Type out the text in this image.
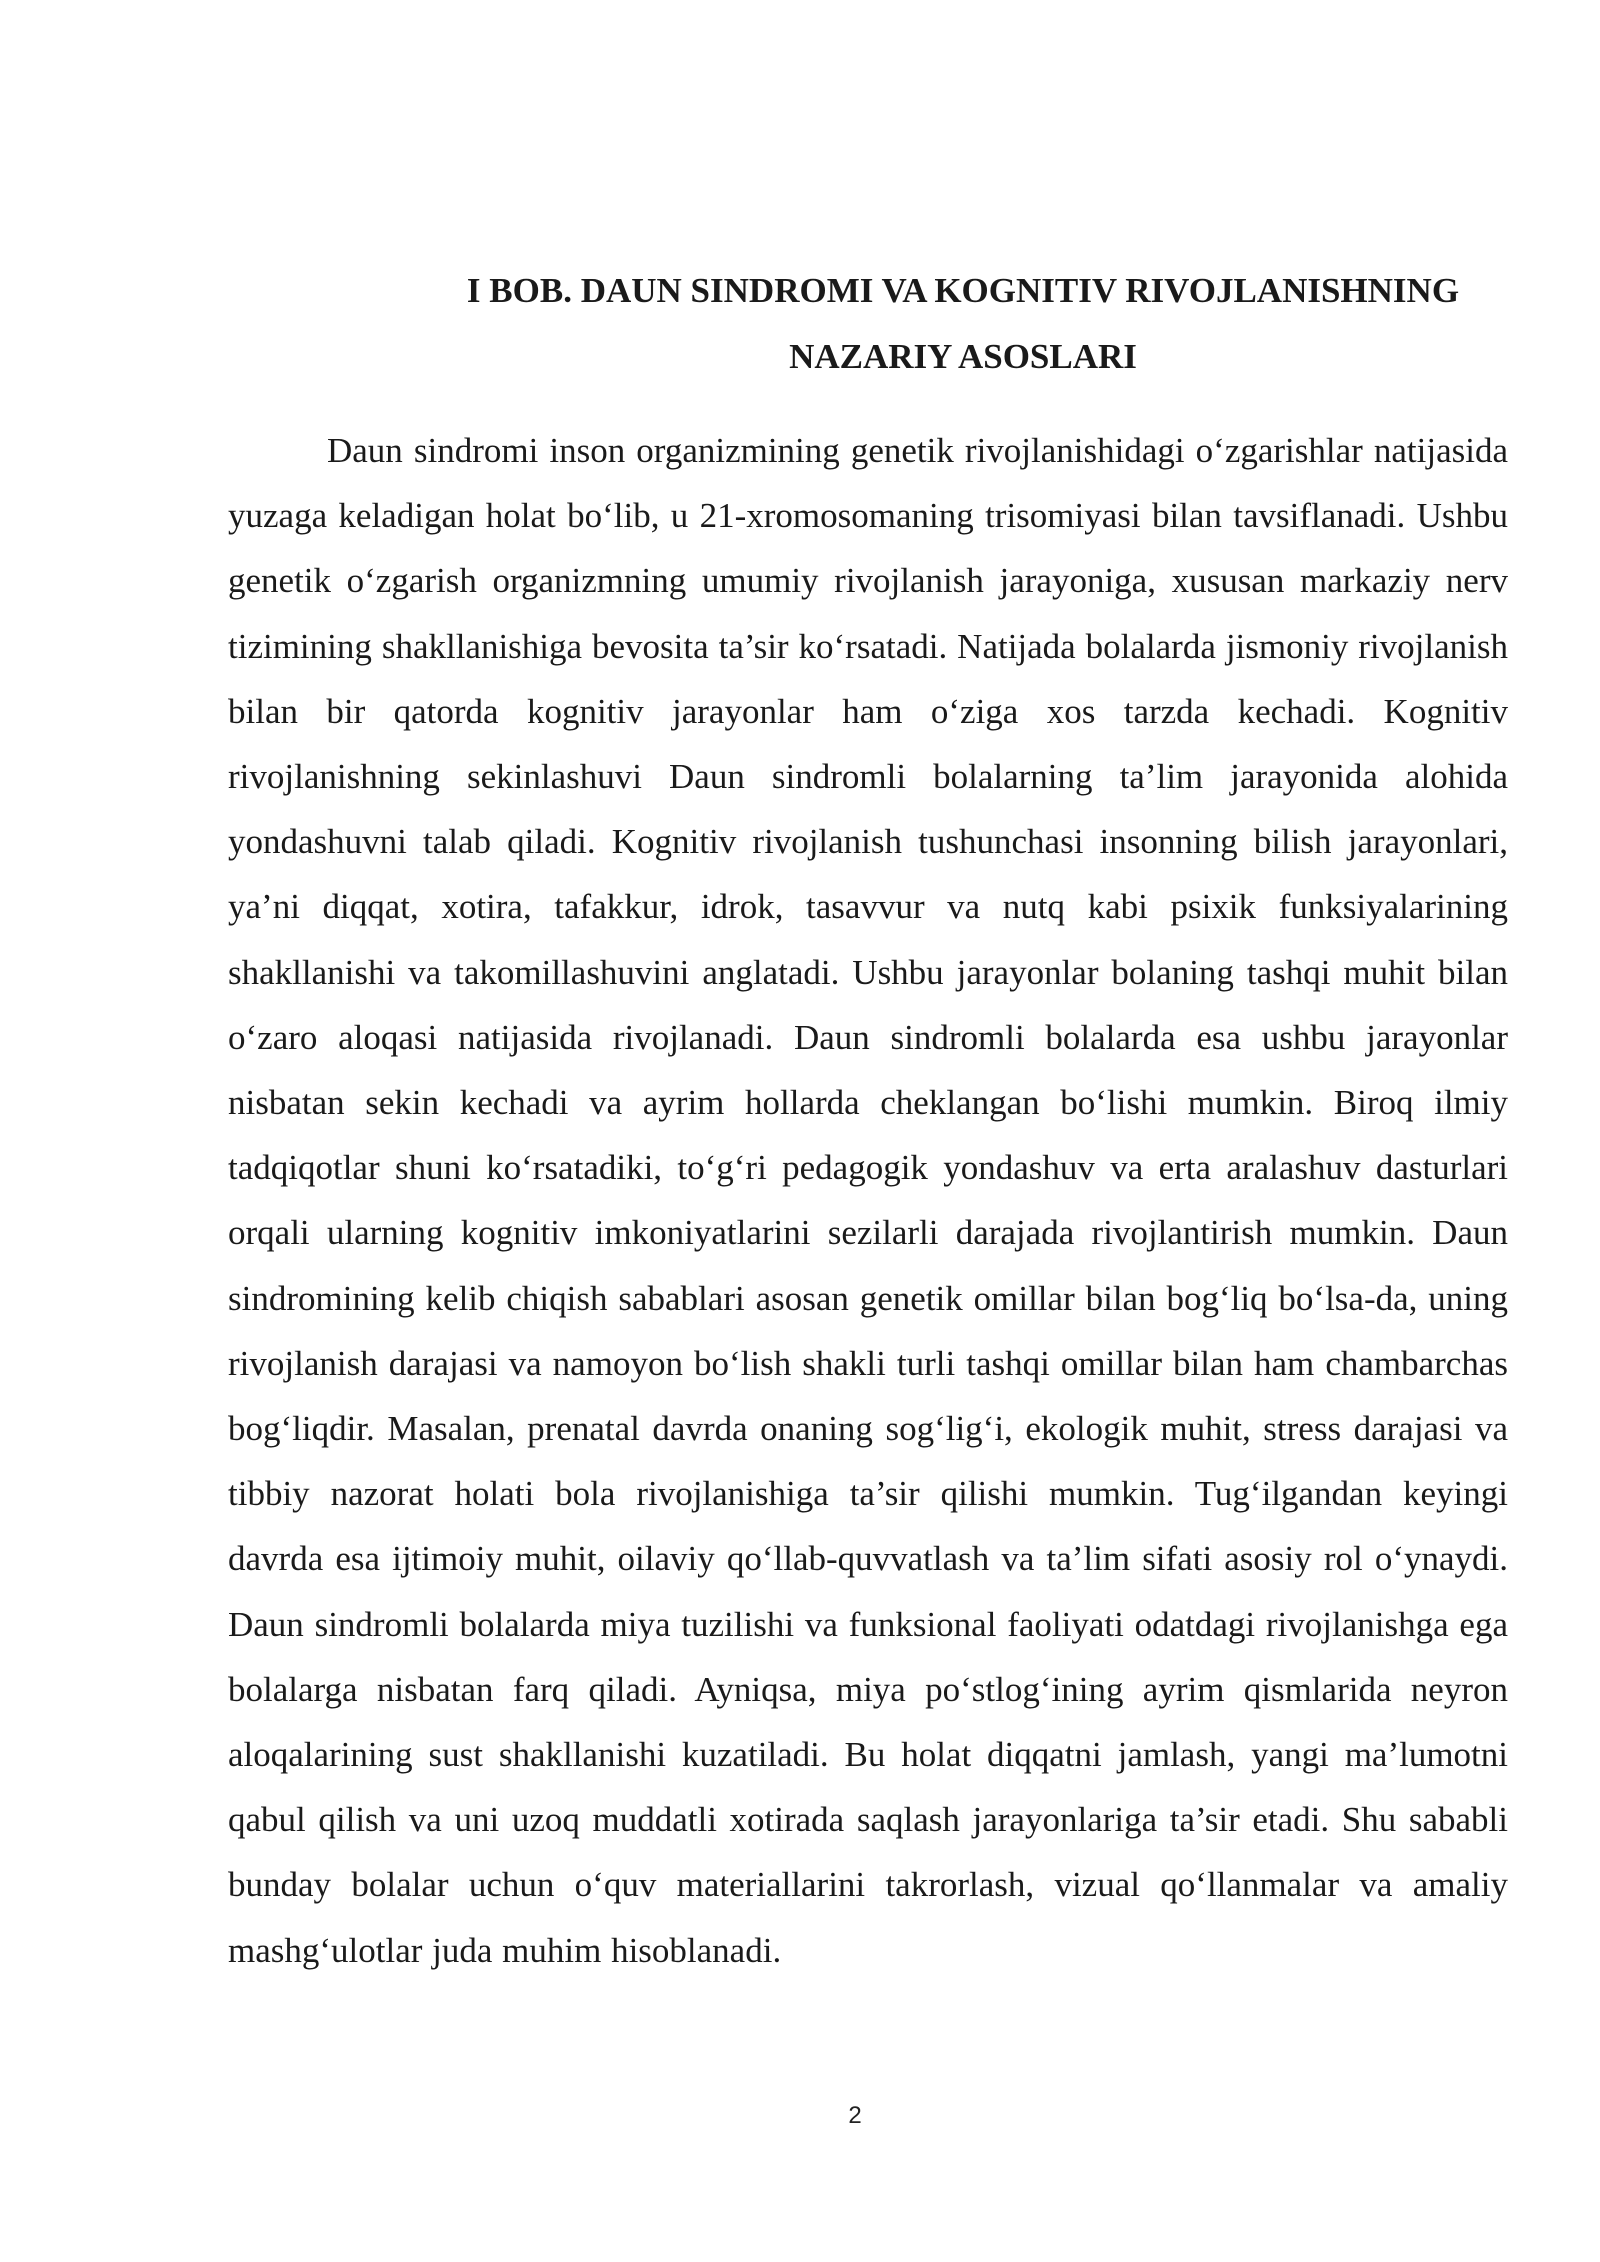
I BOB. DAUN SINDROMI VA KOGNITIV RIVOJLANISHNING
NAZARIY ASOSLARI

Daun sindromi inson organizmining genetik rivojlanishidagi o‘zgarishlar natijasida yuzaga keladigan holat bo‘lib, u 21-xromosomaning trisomiyasi bilan tavsiflanadi. Ushbu genetik o‘zgarish organizmning umumiy rivojlanish jarayoniga, xususan markaziy nerv tizimining shakllanishiga bevosita ta’sir ko‘rsatadi. Natijada bolalarda jismoniy rivojlanish bilan bir qatorda kognitiv jarayonlar ham o‘ziga xos tarzda kechadi. Kognitiv rivojlanishning sekinlashuvi Daun sindromli bolalarning ta’lim jarayonida alohida yondashuvni talab qiladi. Kognitiv rivojlanish tushunchasi insonning bilish jarayonlari, ya’ni diqqat, xotira, tafakkur, idrok, tasavvur va nutq kabi psixik funksiyalarining shakllanishi va takomillashuvini anglatadi. Ushbu jarayonlar bolaning tashqi muhit bilan o‘zaro aloqasi natijasida rivojlanadi. Daun sindromli bolalarda esa ushbu jarayonlar nisbatan sekin kechadi va ayrim hollarda cheklangan bo‘lishi mumkin. Biroq ilmiy tadqiqotlar shuni ko‘rsatadiki, to‘g‘ri pedagogik yondashuv va erta aralashuv dasturlari orqali ularning kognitiv imkoniyatlarini sezilarli darajada rivojlantirish mumkin. Daun sindromining kelib chiqish sabablari asosan genetik omillar bilan bog‘liq bo‘lsa-da, uning rivojlanish darajasi va namoyon bo‘lish shakli turli tashqi omillar bilan ham chambarchas bog‘liqdir. Masalan, prenatal davrda onaning sog‘lig‘i, ekologik muhit, stress darajasi va tibbiy nazorat holati bola rivojlanishiga ta’sir qilishi mumkin. Tug‘ilgandan keyingi davrda esa ijtimoiy muhit, oilaviy qo‘llab-quvvatlash va ta’lim sifati asosiy rol o‘ynaydi. Daun sindromli bolalarda miya tuzilishi va funksional faoliyati odatdagi rivojlanishga ega bolalarga nisbatan farq qiladi. Ayniqsa, miya po‘stlog‘ining ayrim qismlarida neyron aloqalarining sust shakllanishi kuzatiladi. Bu holat diqqatni jamlash, yangi ma’lumotni qabul qilish va uni uzoq muddatli xotirada saqlash jarayonlariga ta’sir etadi. Shu sababli bunday bolalar uchun o‘quv materiallarini takrorlash, vizual qo‘llanmalar va amaliy mashg‘ulotlar juda muhim hisoblanadi.

2
